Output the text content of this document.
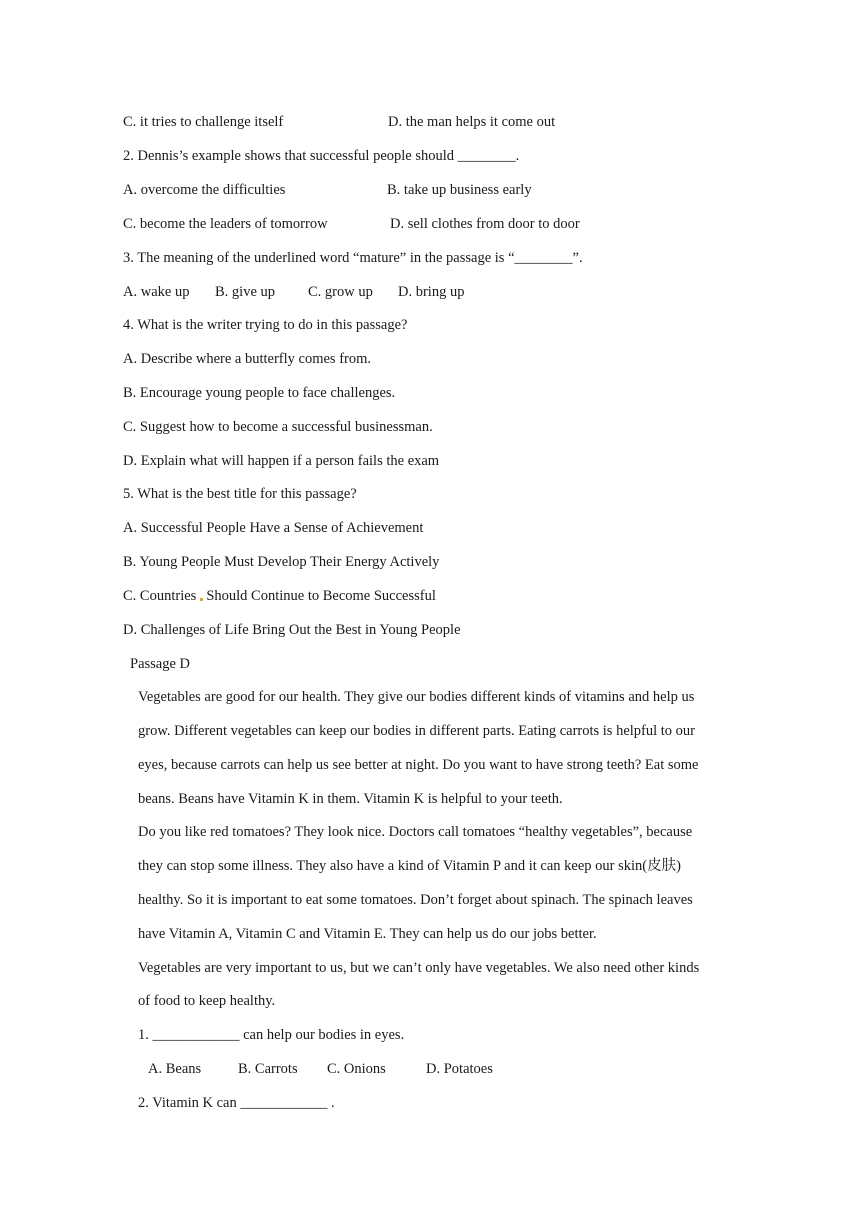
C. it tries to challenge itself	D. the man helps it come out
2. Dennis’s example shows that successful people should ________.
A. overcome the difficulties	B. take up business early
C. become the leaders of tomorrow	D. sell clothes from door to door
3. The meaning of the underlined word “mature” in the passage is “________”.
A. wake up B. give up C. grow up D. bring up
4. What is the writer trying to do in this passage?
A. Describe where a butterfly comes from.
B. Encourage young people to face challenges.
C. Suggest how to become a successful businessman.
D. Explain what will happen if a person fails the exam
5. What is the best title for this passage?
A. Successful People Have a Sense of Achievement
B. Young People Must Develop Their Energy Actively
C. Countries Should Continue to Become Successful
D. Challenges of Life Bring Out the Best in Young People
Passage D
Vegetables are good for our health. They give our bodies different kinds of vitamins and help us
grow. Different vegetables can keep our bodies in different parts. Eating carrots is helpful to our
eyes, because carrots can help us see better at night. Do you want to have strong teeth? Eat some
beans. Beans have Vitamin K in them. Vitamin K is helpful to your teeth.
Do you like red tomatoes? They look nice. Doctors call tomatoes “healthy vegetables”, because
they can stop some illness. They also have a kind of Vitamin P and it can keep our skin(皮肤)
healthy. So it is important to eat some tomatoes. Don’t forget about spinach. The spinach leaves
have Vitamin A, Vitamin C and Vitamin E. They can help us do our jobs better.
Vegetables are very important to us, but we can’t only have vegetables. We also need other kinds
of food to keep healthy.
1. ____________ can help our bodies in eyes.
A. Beans	B. Carrots C. Onions	D. Potatoes
2. Vitamin K can ____________ .
